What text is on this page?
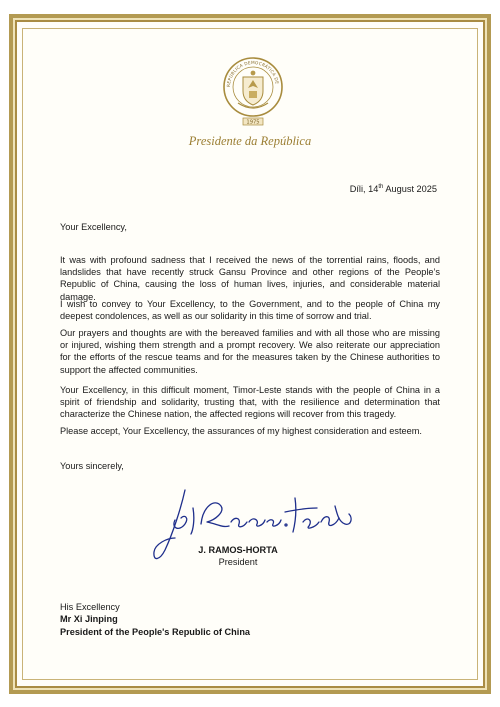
REPÚBLICA DEMOCRÁTICA DE
1975
Presidente da República
Díli, 14th August 2025
Your Excellency,
It was with profound sadness that I received the news of the torrential rains, floods, and landslides that have recently struck Gansu Province and other regions of the People’s Republic of China, causing the loss of human lives, injuries, and considerable material damage.
I wish to convey to Your Excellency, to the Government, and to the people of China my deepest condolences, as well as our solidarity in this time of sorrow and trial.
Our prayers and thoughts are with the bereaved families and with all those who are missing or injured, wishing them strength and a prompt recovery. We also reiterate our appreciation for the efforts of the rescue teams and for the measures taken by the Chinese authorities to support the affected communities.
Your Excellency, in this difficult moment, Timor-Leste stands with the people of China in a spirit of friendship and solidarity, trusting that, with the resilience and determination that characterize the Chinese nation, the affected regions will recover from this tragedy.
Please accept, Your Excellency, the assurances of my highest consideration and esteem.
Yours sincerely,
J. RAMOS-HORTA
President
His Excellency
Mr Xi Jinping
President of the People's Republic of China
